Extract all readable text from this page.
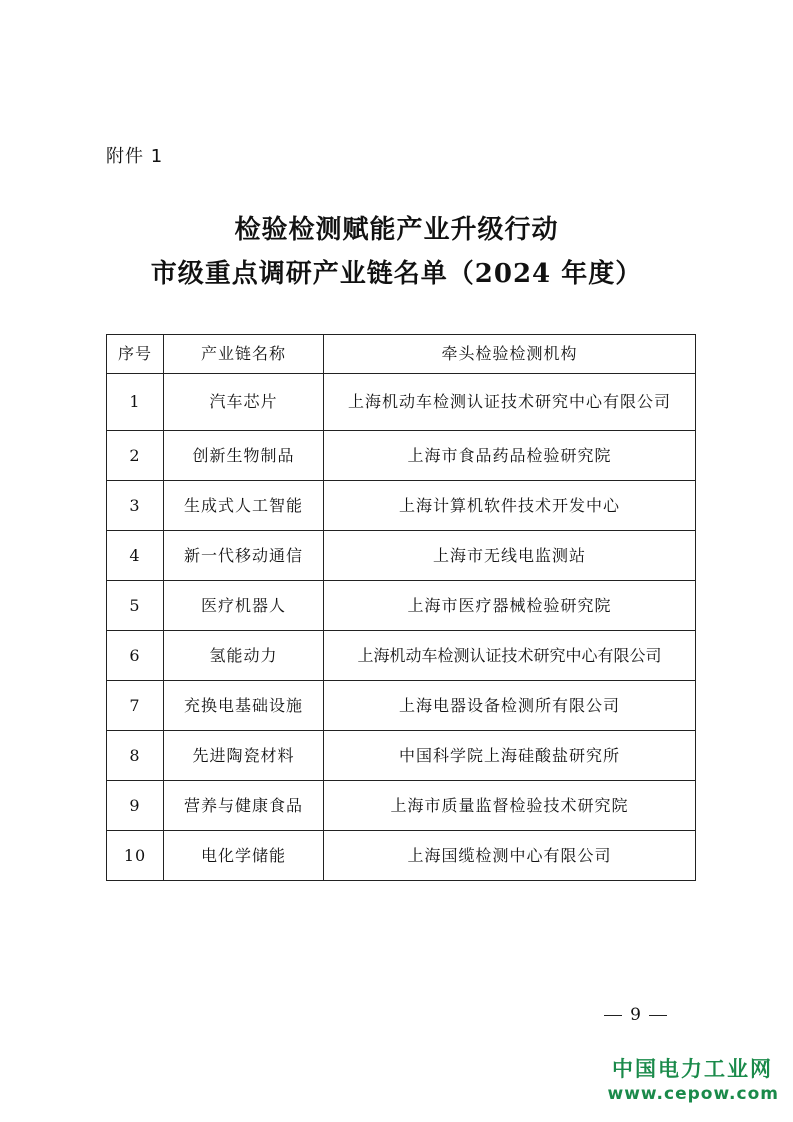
附件 1
检验检测赋能产业升级行动
市级重点调研产业链名单（2024 年度）
序号	产业链名称	牵头检验检测机构
1	汽车芯片	上海机动车检测认证技术研究中心有限公司
2	创新生物制品	上海市食品药品检验研究院
3	生成式人工智能	上海计算机软件技术开发中心
4	新一代移动通信	上海市无线电监测站
5	医疗机器人	上海市医疗器械检验研究院
6	氢能动力	上海机动车检测认证技术研究中心有限公司
7	充换电基础设施	上海电器设备检测所有限公司
8	先进陶瓷材料	中国科学院上海硅酸盐研究所
9	营养与健康食品	上海市质量监督检验技术研究院
10	电化学储能	上海国缆检测中心有限公司
9
中国电力工业网
www.cepow.com
